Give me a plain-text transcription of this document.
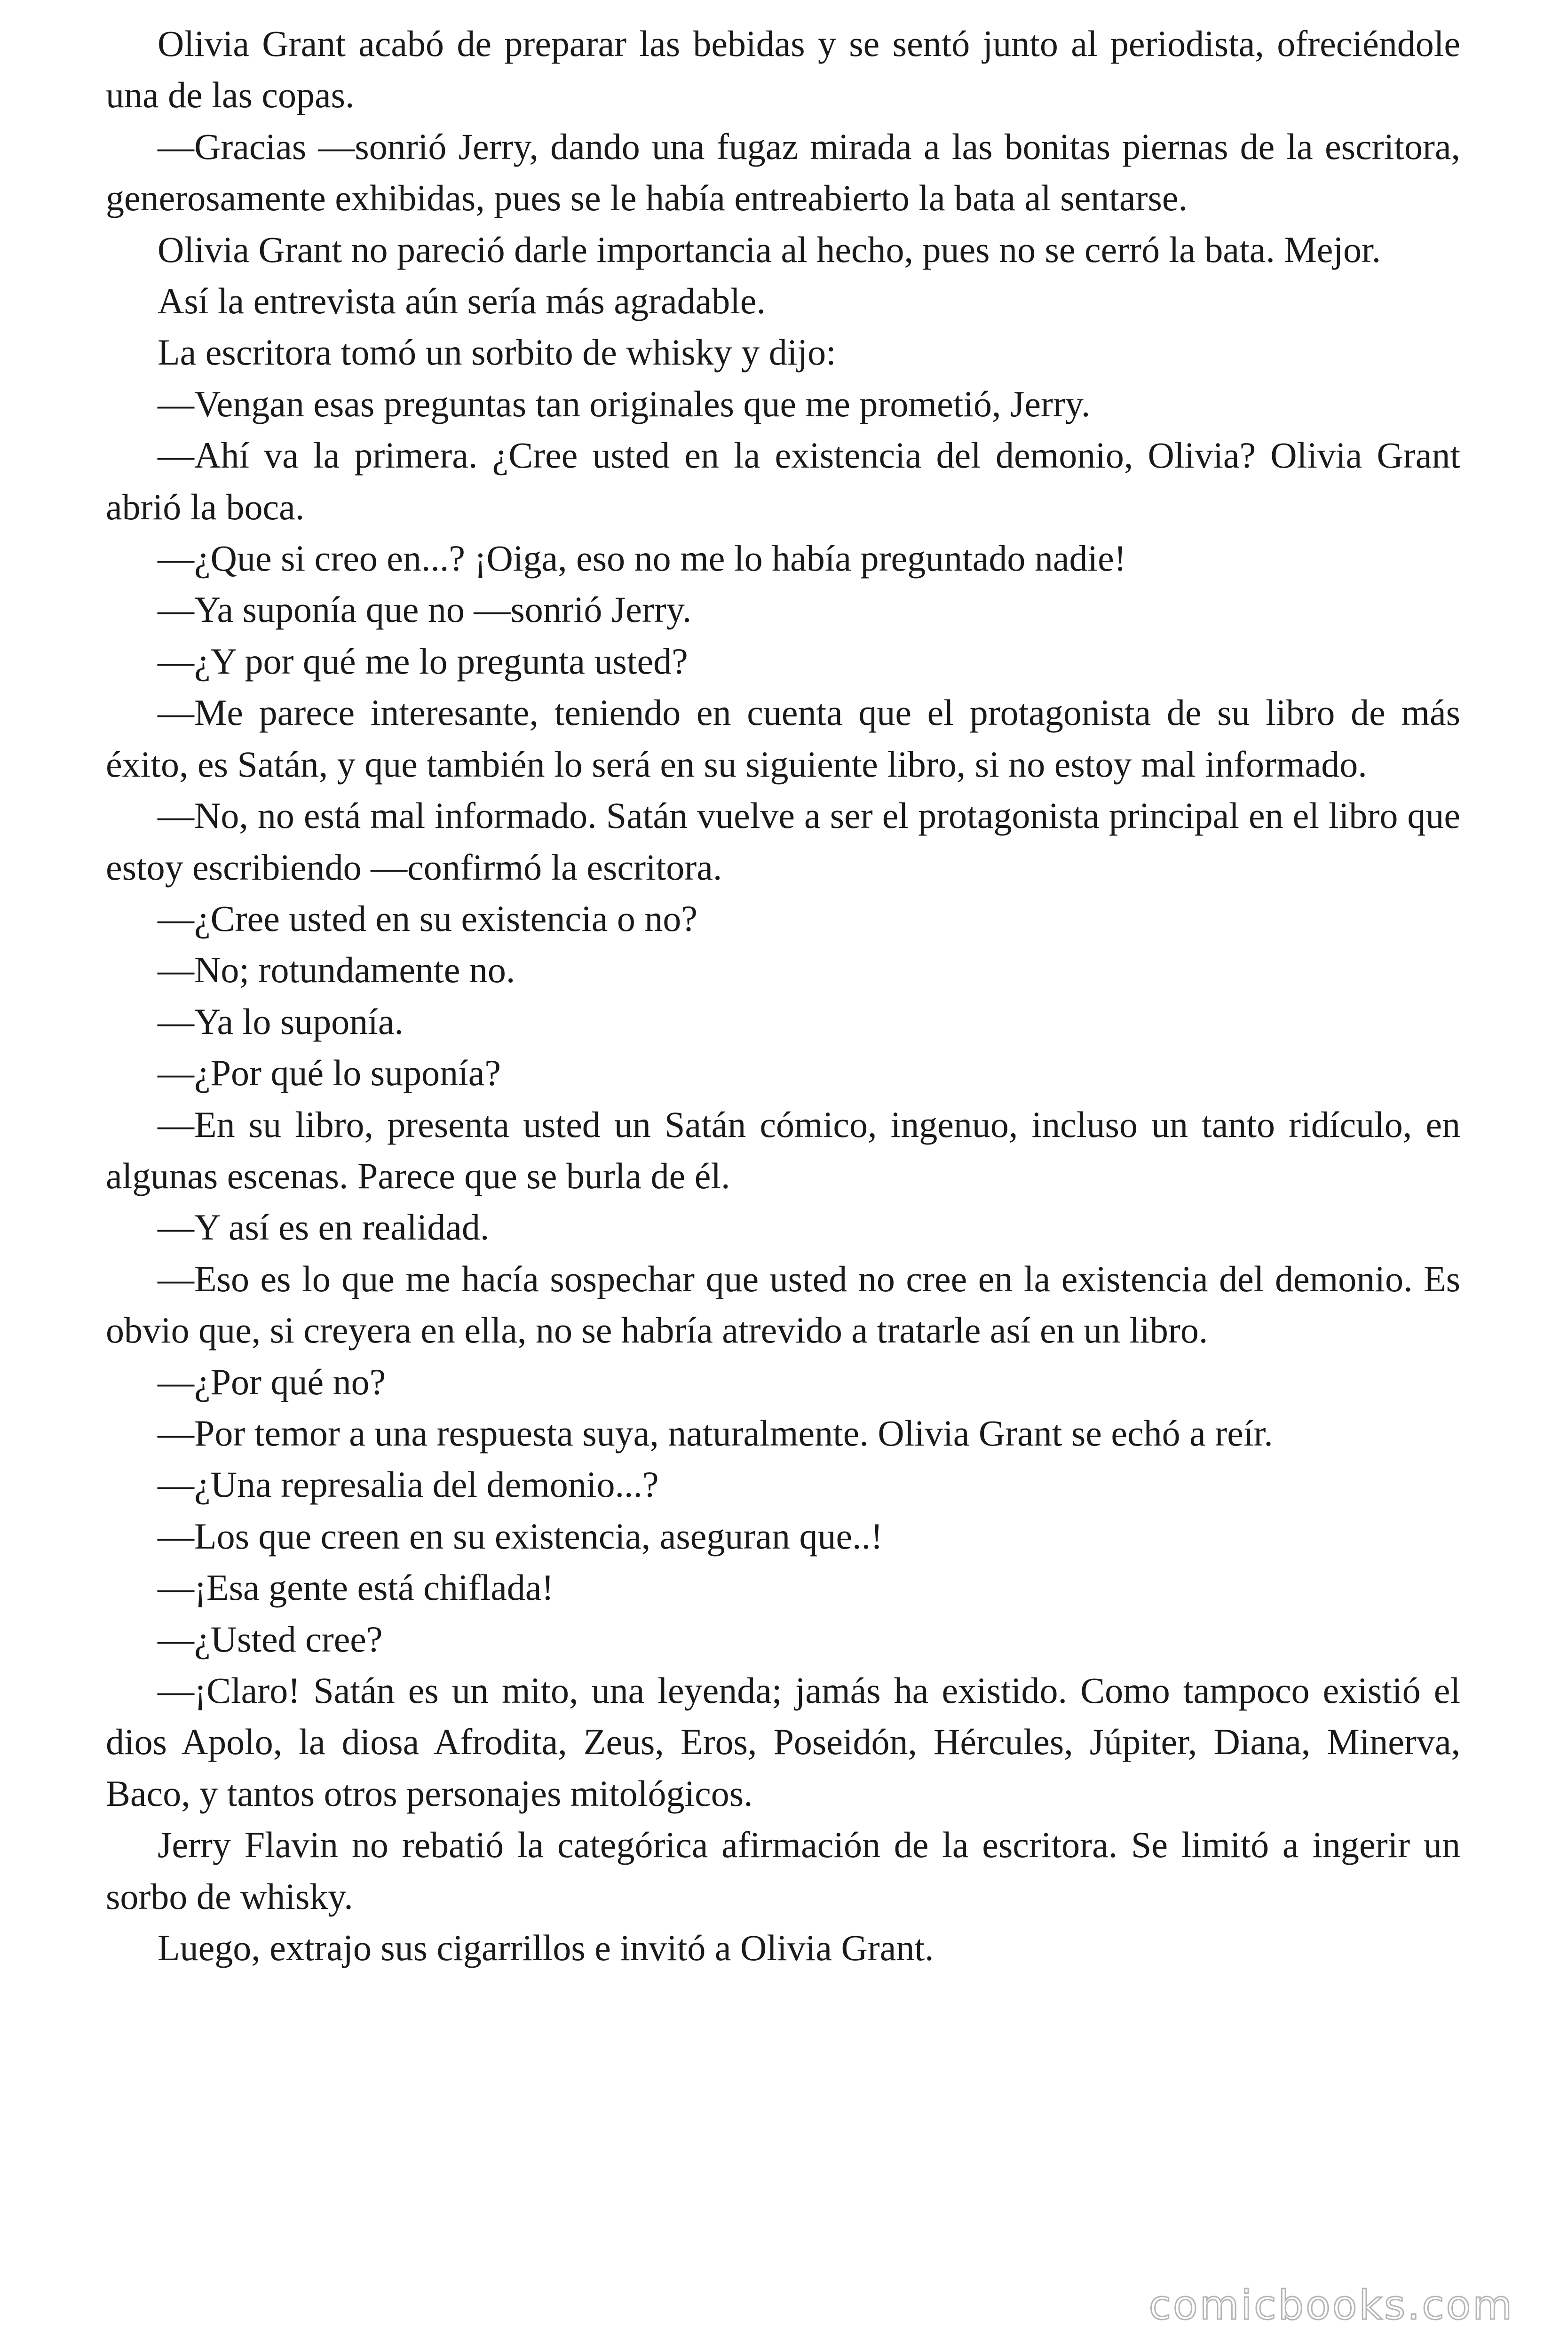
Olivia Grant acabó de preparar las bebidas y se sentó junto al periodista, ofreciéndole una de las copas.

—Gracias —sonrió Jerry, dando una fugaz mirada a las bonitas piernas de la escritora, generosamente exhibidas, pues se le había entreabierto la bata al sentarse.

Olivia Grant no pareció darle importancia al hecho, pues no se cerró la bata. Mejor.

Así la entrevista aún sería más agradable.

La escritora tomó un sorbito de whisky y dijo:

—Vengan esas preguntas tan originales que me prometió, Jerry.

—Ahí va la primera. ¿Cree usted en la existencia del demonio, Olivia? Olivia Grant abrió la boca.

—¿Que si creo en...? ¡Oiga, eso no me lo había preguntado nadie!

—Ya suponía que no —sonrió Jerry.

—¿Y por qué me lo pregunta usted?

—Me parece interesante, teniendo en cuenta que el protagonista de su libro de más éxito, es Satán, y que también lo será en su siguiente libro, si no estoy mal informado.

—No, no está mal informado. Satán vuelve a ser el protagonista principal en el libro que estoy escribiendo —confirmó la escritora.

—¿Cree usted en su existencia o no?

—No; rotundamente no.

—Ya lo suponía.

—¿Por qué lo suponía?

—En su libro, presenta usted un Satán cómico, ingenuo, incluso un tanto ridículo, en algunas escenas. Parece que se burla de él.

—Y así es en realidad.

—Eso es lo que me hacía sospechar que usted no cree en la existencia del demonio. Es obvio que, si creyera en ella, no se habría atrevido a tratarle así en un libro.

—¿Por qué no?

—Por temor a una respuesta suya, naturalmente. Olivia Grant se echó a reír.

—¿Una represalia del demonio...?

—Los que creen en su existencia, aseguran que..!

—¡Esa gente está chiflada!

—¿Usted cree?

—¡Claro! Satán es un mito, una leyenda; jamás ha existido. Como tampoco existió el dios Apolo, la diosa Afrodita, Zeus, Eros, Poseidón, Hércules, Júpiter, Diana, Minerva, Baco, y tantos otros personajes mitológicos.

Jerry Flavin no rebatió la categórica afirmación de la escritora. Se limitó a ingerir un sorbo de whisky.

Luego, extrajo sus cigarrillos e invitó a Olivia Grant.

comicbooks.com
